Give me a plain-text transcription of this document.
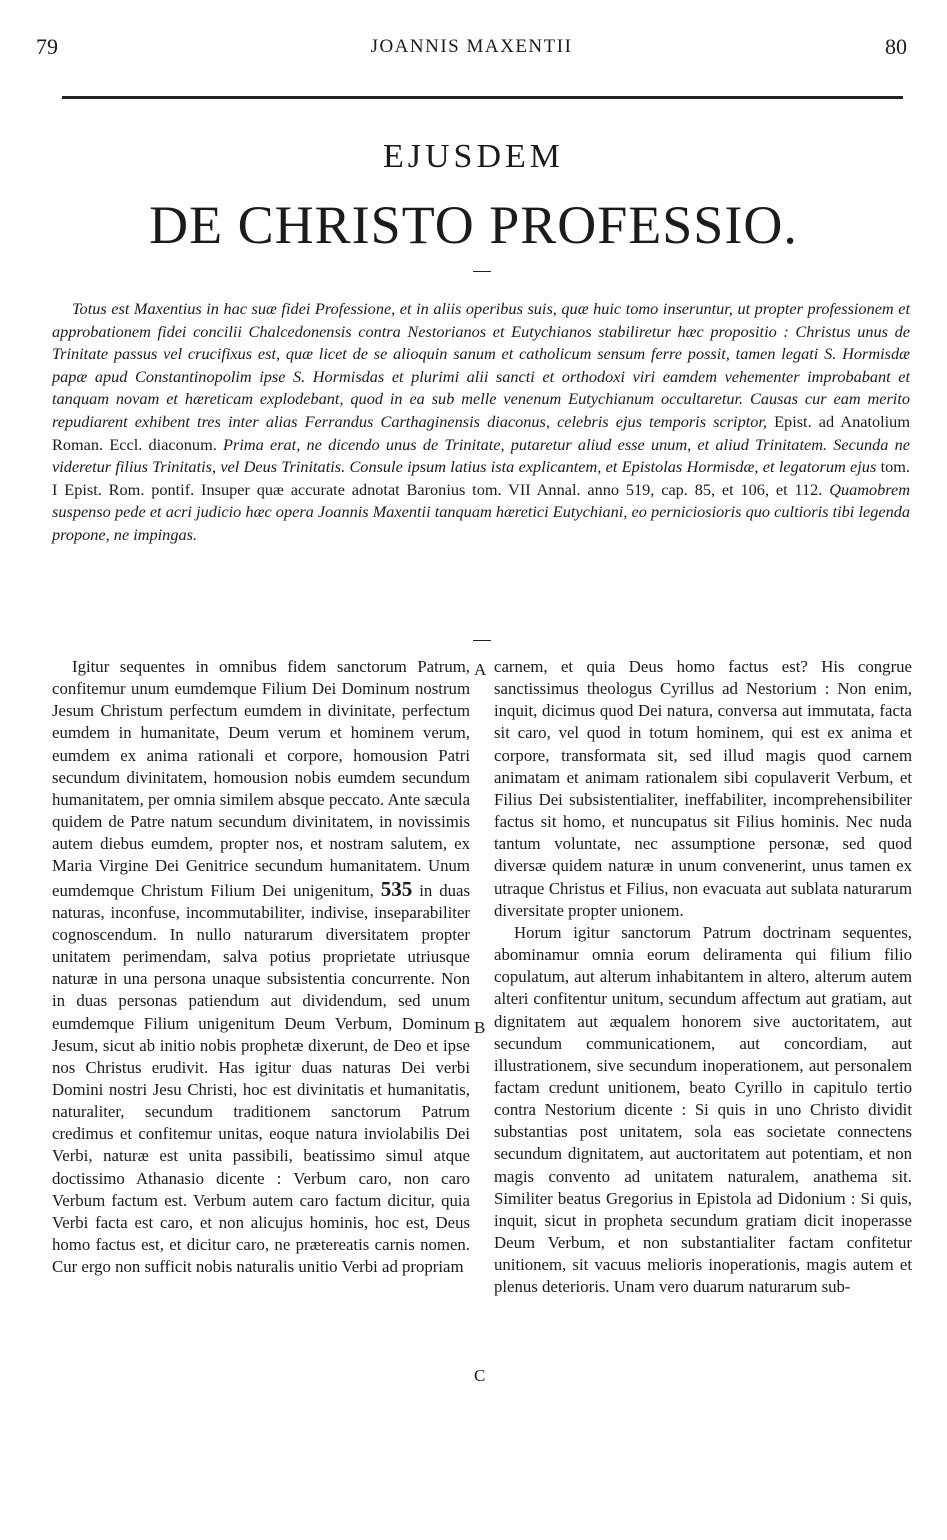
79	JOANNIS MAXENTII	80
EJUSDEM
DE CHRISTO PROFESSIO.
Totus est Maxentius in hac suæ fidei Professione, et in aliis operibus suis, quæ huic tomo inseruntur, ut propter professionem et approbationem fidei concilii Chalcedonensis contra Nestorianos et Eutychianos stabiliretur hæc propositio : Christus unus de Trinitate passus vel crucifixus est, quæ licet de se alioquin sanum et catholicum sensum ferre possit, tamen legati S. Hormisdæ papæ apud Constantinopolim ipse S. Hormisdas et plurimi alii sancti et orthodoxi viri eamdem vehementer improbabant et tanquam novam et hæreticam explodebant, quod in ea sub melle venenum Eutychianum occultaretur. Causas cur eam merito repudiarent exhibent tres inter alias Ferrandus Carthaginensis diaconus, celebris ejus temporis scriptor, Epist. ad Anatolium Roman. Eccl. diaconum. Prima erat, ne dicendo unus de Trinitate, putaretur aliud esse unum, et aliud Trinitatem. Secunda ne videretur filius Trinitatis, vel Deus Trinitatis. Consule ipsum latius ista explicantem, et Epistolas Hormisdæ, et legatorum ejus tom. I Epist. Rom. pontif. Insuper quæ accurate adnotat Baronius tom. VII Annal. anno 519, cap. 85, et 106, et 112. Quamobrem suspenso pede et acri judicio hæc opera Joannis Maxentii tanquam hæretici Eutychiani, eo perniciosioris quo cultioris tibi legenda propone, ne impingas.

Igitur sequentes in omnibus fidem sanctorum Patrum, confitemur unum eumdemque Filium Dei Dominum nostrum Jesum Christum perfectum eumdem in divinitate, perfectum eumdem in humanitate, Deum verum et hominem verum, eumdem ex anima rationali et corpore, homousion Patri secundum divinitatem, homousion nobis eumdem secundum humanitatem, per omnia similem absque peccato. Ante sæcula quidem de Patre natum secundum divinitatem, in novissimis autem diebus eumdem, propter nos, et nostram salutem, ex Maria Virgine Dei Genitrice secundum humanitatem. Unum eumdemque Christum Filium Dei unigenitum, 535 in duas naturas, inconfuse, incommutabiliter, indivise, inseparabiliter cognoscendum. In nullo naturarum diversitatem propter unitatem perimendam, salva potius proprietate utriusque naturæ in una persona unaque subsistentia concurrente. Non in duas personas patiendum aut dividendum, sed unum eumdemque Filium unigenitum Deum Verbum, Dominum Jesum, sicut ab initio nobis prophetæ dixerunt, de Deo et ipse nos Christus erudivit. Has igitur duas naturas Dei verbi Domini nostri Jesu Christi, hoc est divinitatis et humanitatis, naturaliter, secundum traditionem sanctorum Patrum credimus et confitemur unitas, eoque natura inviolabilis Dei Verbi, naturæ est unita passibili, beatissimo simul atque doctissimo Athanasio dicente : Verbum caro, non caro Verbum factum est. Verbum autem caro factum dicitur, quia Verbi facta est caro, et non alicujus hominis, hoc est, Deus homo factus est, et dicitur caro, ne prætereatis carnis nomen. Cur ergo non sufficit nobis naturalis unitio Verbi ad propriam

A
B
C

carnem, et quia Deus homo factus est? His congrue sanctissimus theologus Cyrillus ad Nestorium : Non enim, inquit, dicimus quod Dei natura, conversa aut immutata, facta sit caro, vel quod in totum hominem, qui est ex anima et corpore, transformata sit, sed illud magis quod carnem animatam et animam rationalem sibi copulaverit Verbum, et Filius Dei subsistentialiter, ineffabiliter, incomprehensibiliter factus sit homo, et nuncupatus sit Filius hominis. Nec nuda tantum voluntate, nec assumptione personæ, sed quod diversæ quidem naturæ in unum convenerint, unus tamen ex utraque Christus et Filius, non evacuata aut sublata naturarum diversitate propter unionem.

Horum igitur sanctorum Patrum doctrinam sequentes, abominamur omnia eorum deliramenta qui filium filio copulatum, aut alterum inhabitantem in altero, alterum autem alteri confitentur unitum, secundum affectum aut gratiam, aut dignitatem aut æqualem honorem sive auctoritatem, aut secundum communicationem, aut concordiam, aut illustrationem, sive secundum inoperationem, aut personalem factam credunt unitionem, beato Cyrillo in capitulo tertio contra Nestorium dicente : Si quis in uno Christo dividit substantias post unitatem, sola eas societate connectens secundum dignitatem, aut auctoritatem aut potentiam, et non magis convento ad unitatem naturalem, anathema sit. Similiter beatus Gregorius in Epistola ad Didonium : Si quis, inquit, sicut in propheta secundum gratiam dicit inoperasse Deum Verbum, et non substantialiter factam confitetur unitionem, sit vacuus melioris inoperationis, magis autem et plenus deterioris. Unam vero duarum naturarum sub-
